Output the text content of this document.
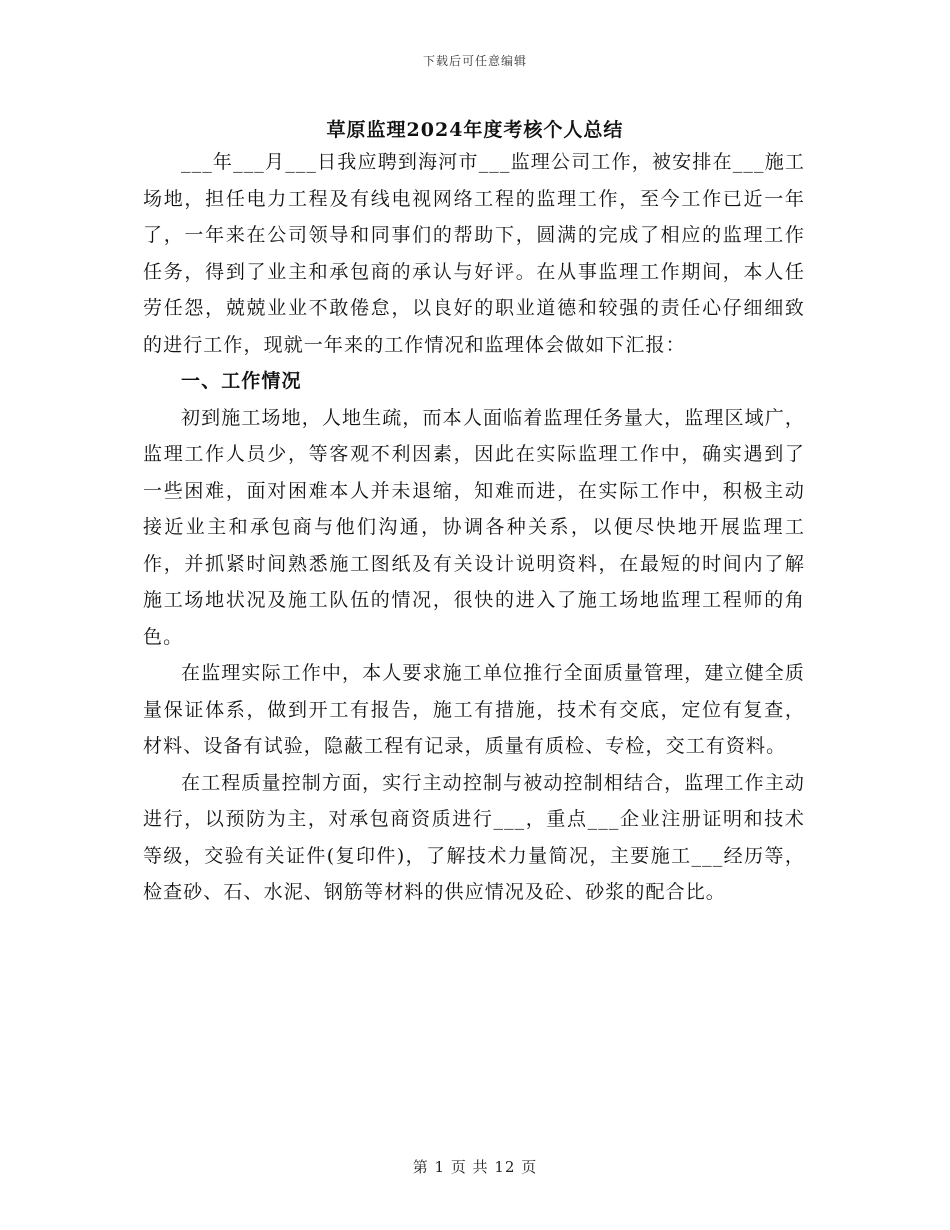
下载后可任意编辑
草原监理2024年度考核个人总结

___年___月___日我应聘到海河市___监理公司工作，被安排在___施工场地，担任电力工程及有线电视网络工程的监理工作，至今工作已近一年了，一年来在公司领导和同事们的帮助下，圆满的完成了相应的监理工作任务，得到了业主和承包商的承认与好评。在从事监理工作期间，本人任劳任怨，兢兢业业不敢倦怠，以良好的职业道德和较强的责任心仔细细致的进行工作，现就一年来的工作情况和监理体会做如下汇报：

一、工作情况

初到施工场地，人地生疏，而本人面临着监理任务量大，监理区域广，监理工作人员少，等客观不利因素，因此在实际监理工作中，确实遇到了一些困难，面对困难本人并未退缩，知难而进，在实际工作中，积极主动接近业主和承包商与他们沟通，协调各种关系，以便尽快地开展监理工作，并抓紧时间熟悉施工图纸及有关设计说明资料，在最短的时间内了解施工场地状况及施工队伍的情况，很快的进入了施工场地监理工程师的角色。

在监理实际工作中，本人要求施工单位推行全面质量管理，建立健全质量保证体系，做到开工有报告，施工有措施，技术有交底，定位有复查，材料、设备有试验，隐蔽工程有记录，质量有质检、专检，交工有资料。

在工程质量控制方面，实行主动控制与被动控制相结合，监理工作主动进行，以预防为主，对承包商资质进行___，重点___企业注册证明和技术等级，交验有关证件(复印件)，了解技术力量简况，主要施工___经历等，检查砂、石、水泥、钢筋等材料的供应情况及砼、砂浆的配合比。

第 1 页 共 12 页
